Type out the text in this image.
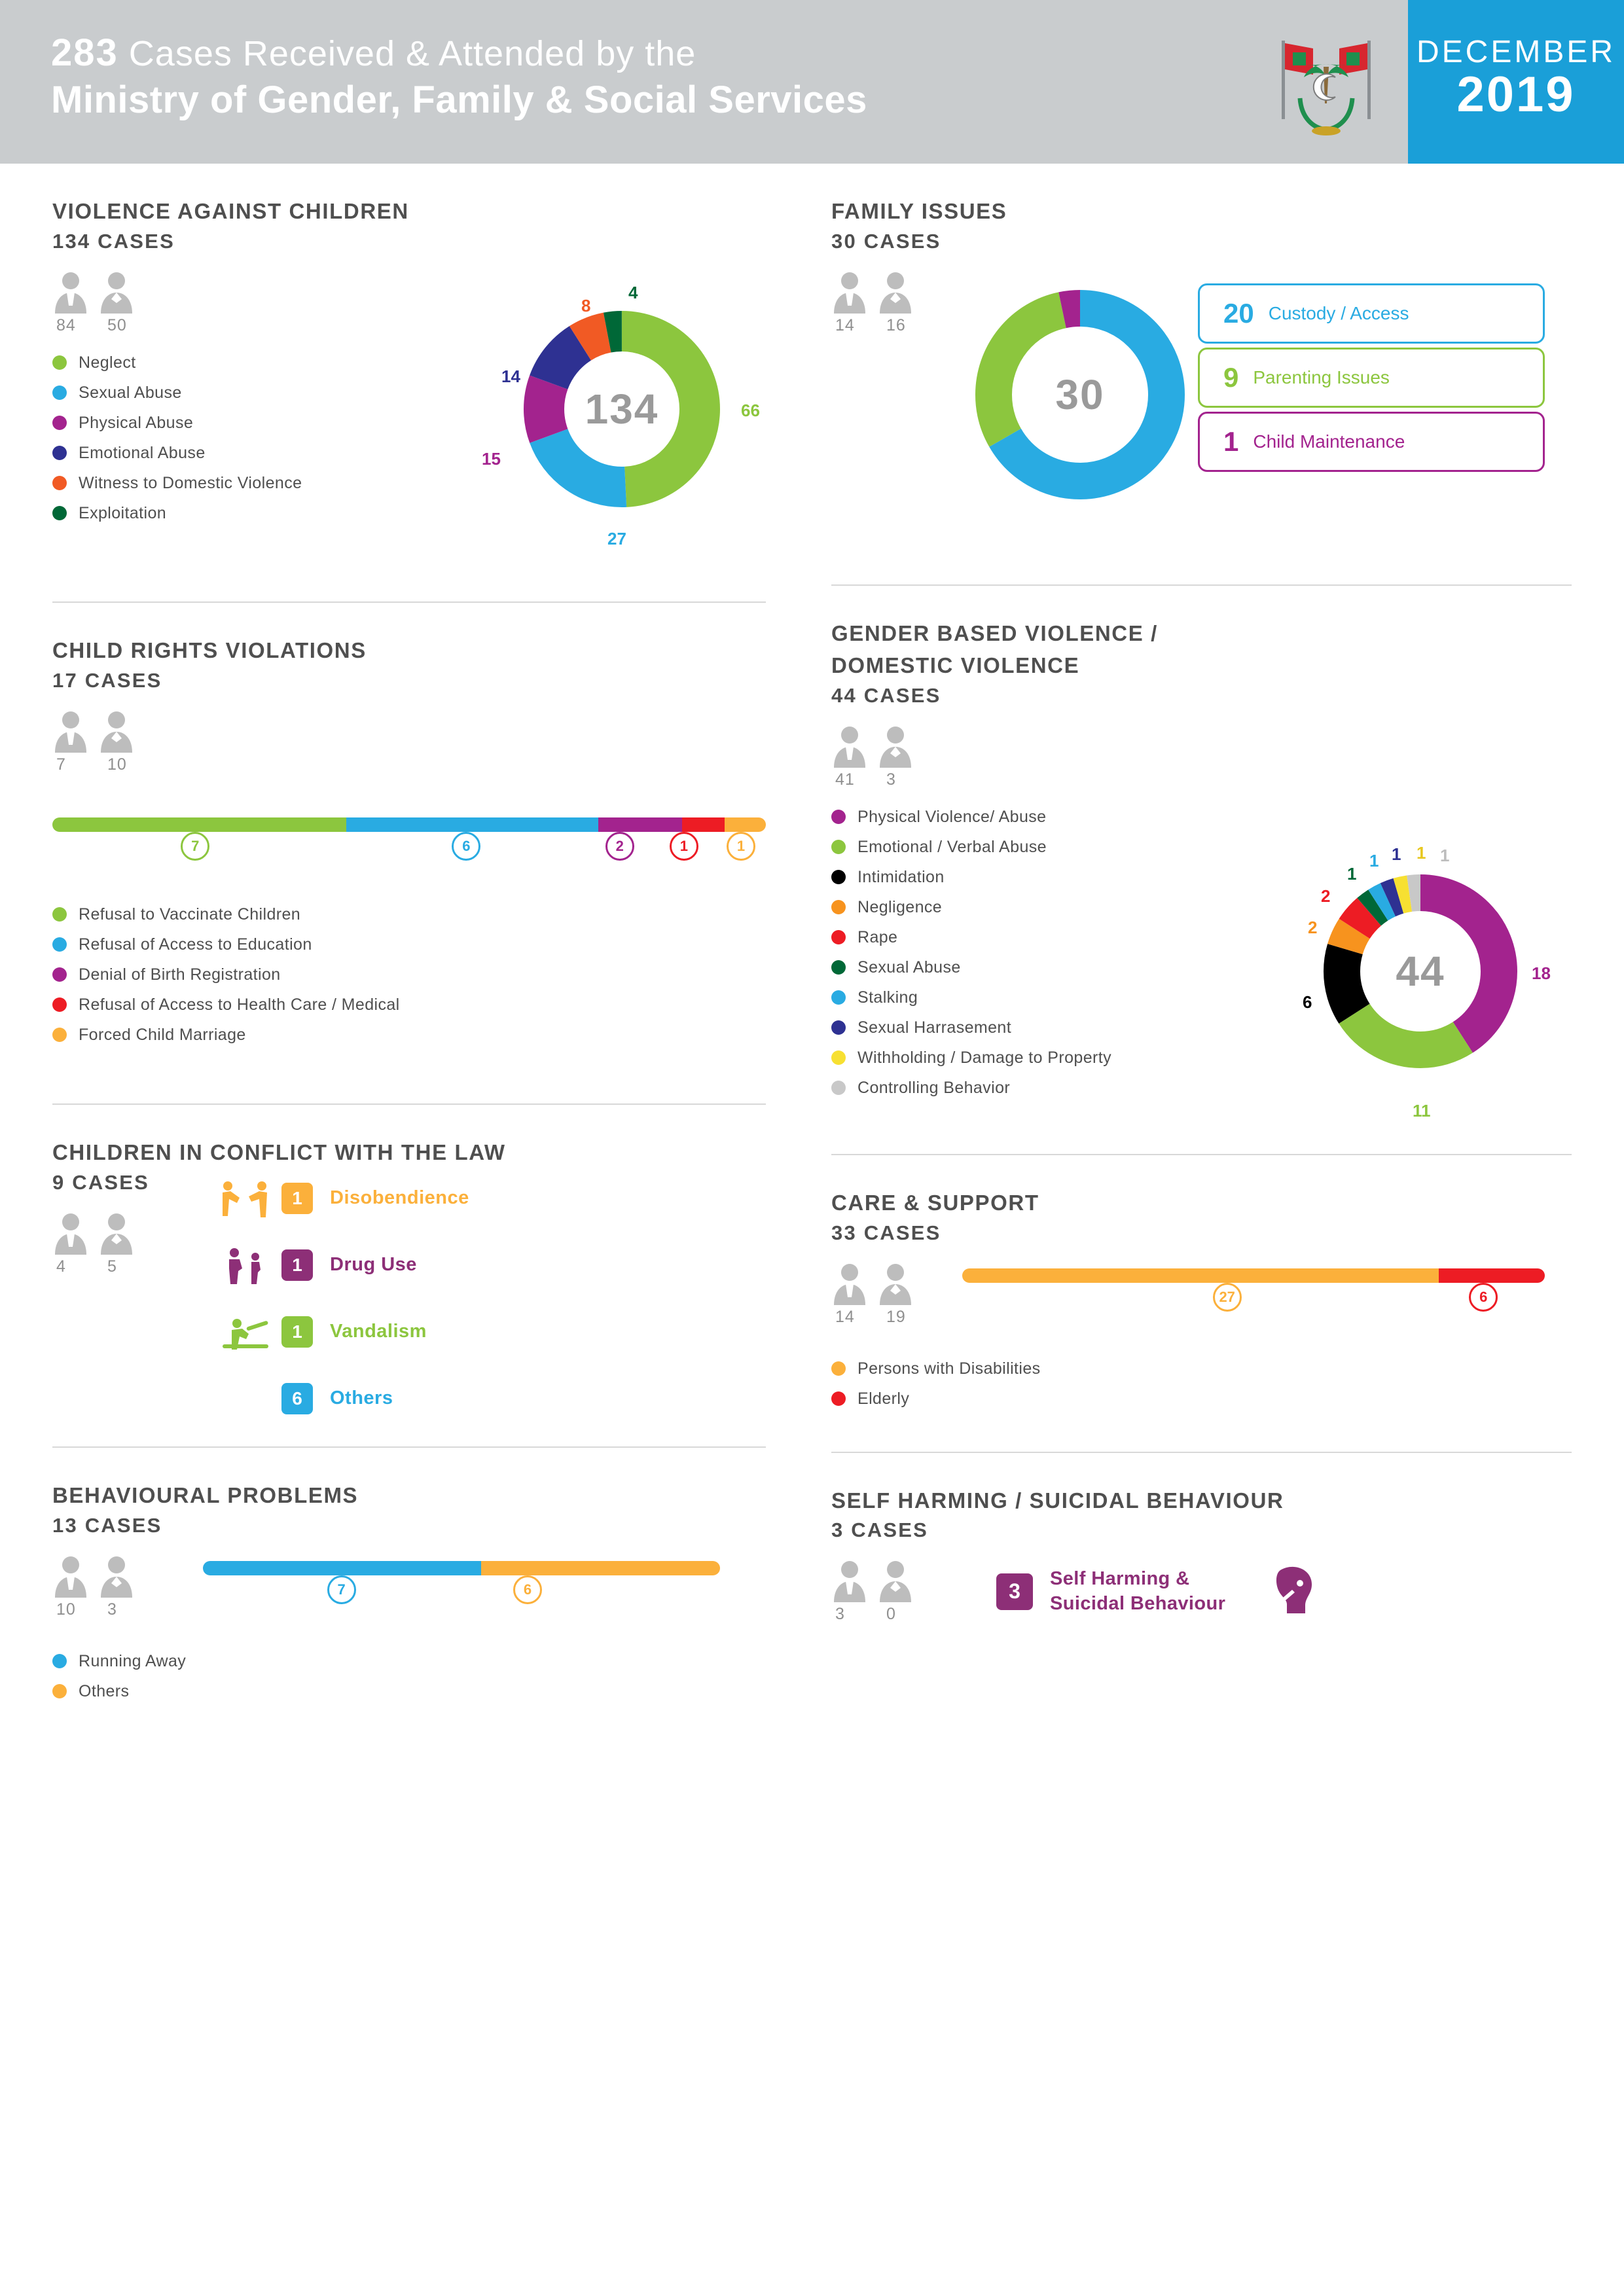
283 Cases Received & Attended by the
Ministry of Gender, Family & Social Services
DECEMBER
2019
VIOLENCE AGAINST CHILDREN
134 CASES
84	50
Neglect
Sexual Abuse
Physical Abuse
Emotional Abuse
Witness to Domestic Violence
Exploitation
134	66
27
15
14
8
4
CHILD RIGHTS VIOLATIONS
17 CASES
7	10
7	6	2	1	1
Refusal to Vaccinate Children
Refusal of Access to Education
Denial of Birth Registration
Refusal of Access to Health Care / Medical
Forced Child Marriage
CHILDREN IN CONFLICT WITH THE LAW
9 CASES
4	5
1	Disobendience
1	Drug Use
1	Vandalism
6	Others
BEHAVIOURAL PROBLEMS
13 CASES
10	3
7	6
Running Away
Others
FAMILY ISSUES
30 CASES
14	16
30
20 Custody / Access
9 Parenting Issues
1 Child Maintenance
GENDER BASED VIOLENCE /
DOMESTIC VIOLENCE
44 CASES
41	3
Physical Violence/ Abuse
Emotional / Verbal Abuse
Intimidation
Negligence
Rape
Sexual Abuse
Stalking
Sexual Harrasement
Withholding / Damage to Property
Controlling Behavior
44	18
11
6
2
2
1
1 1 1 1
CARE & SUPPORT
33 CASES
14	19
27	6
Persons with Disabilities
Elderly
SELF HARMING / SUICIDAL BEHAVIOUR
3 CASES
3	0
3
Self Harming &
Suicidal Behaviour
